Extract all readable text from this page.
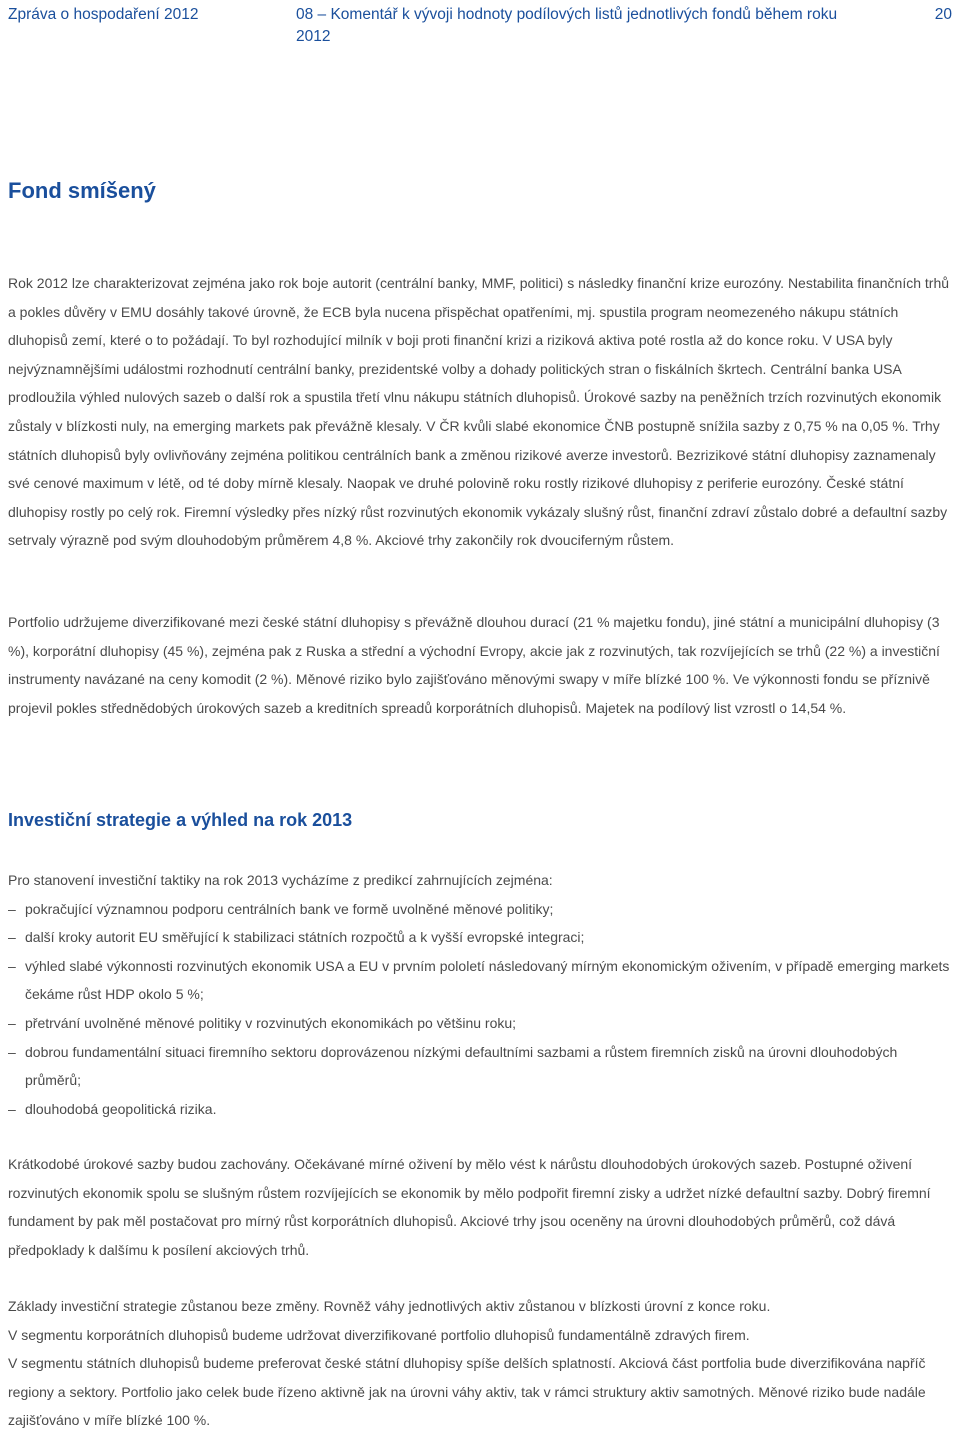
Zpráva o hospodaření 2012	08 – Komentář k vývoji hodnoty podílových listů jednotlivých fondů během roku 2012
20
Fond smíšený

Rok 2012 lze charakterizovat zejména jako rok boje autorit (centrální banky, MMF, politici) s následky finanční krize eurozóny. Nestabilita finančních trhů a pokles důvěry v EMU dosáhly takové úrovně, že ECB byla nucena přispěchat opatřeními, mj. spustila program neomezeného nákupu státních dluhopisů zemí, které o to požádají. To byl rozhodující milník v boji proti finanční krizi a riziková aktiva poté rostla až do konce roku. V USA byly nejvýznamnějšími událostmi rozhodnutí centrální banky, prezidentské volby a dohady politických stran o fiskálních škrtech. Centrální banka USA prodloužila výhled nulových sazeb o další rok a spustila třetí vlnu nákupu státních dluhopisů. Úrokové sazby na peněžních trzích rozvinutých ekonomik zůstaly v blízkosti nuly, na emerging markets pak převážně klesaly. V ČR kvůli slabé ekonomice ČNB postupně snížila sazby z 0,75 % na 0,05 %. Trhy státních dluhopisů byly ovlivňovány zejména politikou centrálních bank a změnou rizikové averze investorů. Bezrizikové státní dluhopisy zaznamenaly své cenové maximum v létě, od té doby mírně klesaly. Naopak ve druhé polovině roku rostly rizikové dluhopisy z periferie eurozóny. České státní dluhopisy rostly po celý rok. Firemní výsledky přes nízký růst rozvinutých ekonomik vykázaly slušný růst, finanční zdraví zůstalo dobré a defaultní sazby setrvaly výrazně pod svým dlouhodobým průměrem 4,8 %. Akciové trhy zakončily rok dvouciferným růstem.

Portfolio udržujeme diverzifikované mezi české státní dluhopisy s převážně dlouhou durací (21 % majetku fondu), jiné státní a municipální dluhopisy (3 %), korporátní dluhopisy (45 %), zejména pak z Ruska a střední a východní Evropy, akcie jak z rozvinutých, tak rozvíjejících se trhů (22 %) a investiční instrumenty navázané na ceny komodit (2 %). Měnové riziko bylo zajišťováno měnovými swapy v míře blízké 100 %. Ve výkonnosti fondu se příznivě projevil pokles střednědobých úrokových sazeb a kreditních spreadů korporátních dluhopisů. Majetek na podílový list vzrostl o 14,54 %.

Investiční strategie a výhled na rok 2013

Pro stanovení investiční taktiky na rok 2013 vycházíme z predikcí zahrnujících zejména:

– pokračující významnou podporu centrálních bank ve formě uvolněné měnové politiky;
– další kroky autorit EU směřující k stabilizaci státních rozpočtů a k vyšší evropské integraci;
– výhled slabé výkonnosti rozvinutých ekonomik USA a EU v prvním pololetí následovaný mírným ekonomickým oživením, v případě emerging markets čekáme růst HDP okolo 5 %;
– přetrvání uvolněné měnové politiky v rozvinutých ekonomikách po většinu roku;
– dobrou fundamentální situaci firemního sektoru doprovázenou nízkými defaultními sazbami a růstem firemních zisků na úrovni dlouhodobých průměrů;
– dlouhodobá geopolitická rizika.

Krátkodobé úrokové sazby budou zachovány. Očekávané mírné oživení by mělo vést k nárůstu dlouhodobých úrokových sazeb. Postupné oživení rozvinutých ekonomik spolu se slušným růstem rozvíjejících se ekonomik by mělo podpořit firemní zisky a udržet nízké defaultní sazby. Dobrý firemní fundament by pak měl postačovat pro mírný růst korporátních dluhopisů. Akciové trhy jsou oceněny na úrovni dlouhodobých průměrů, což dává předpoklady k dalšímu k posílení akciových trhů.

Základy investiční strategie zůstanou beze změny. Rovněž váhy jednotlivých aktiv zůstanou v blízkosti úrovní z konce roku.

V segmentu korporátních dluhopisů budeme udržovat diverzifikované portfolio dluhopisů fundamentálně zdravých firem.

V segmentu státních dluhopisů budeme preferovat české státní dluhopisy spíše delších splatností. Akciová část portfolia bude diverzifikována napříč regiony a sektory. Portfolio jako celek bude řízeno aktivně jak na úrovni váhy aktiv, tak v rámci struktury aktiv samotných. Měnové riziko bude nadále zajišťováno v míře blízké 100 %.
